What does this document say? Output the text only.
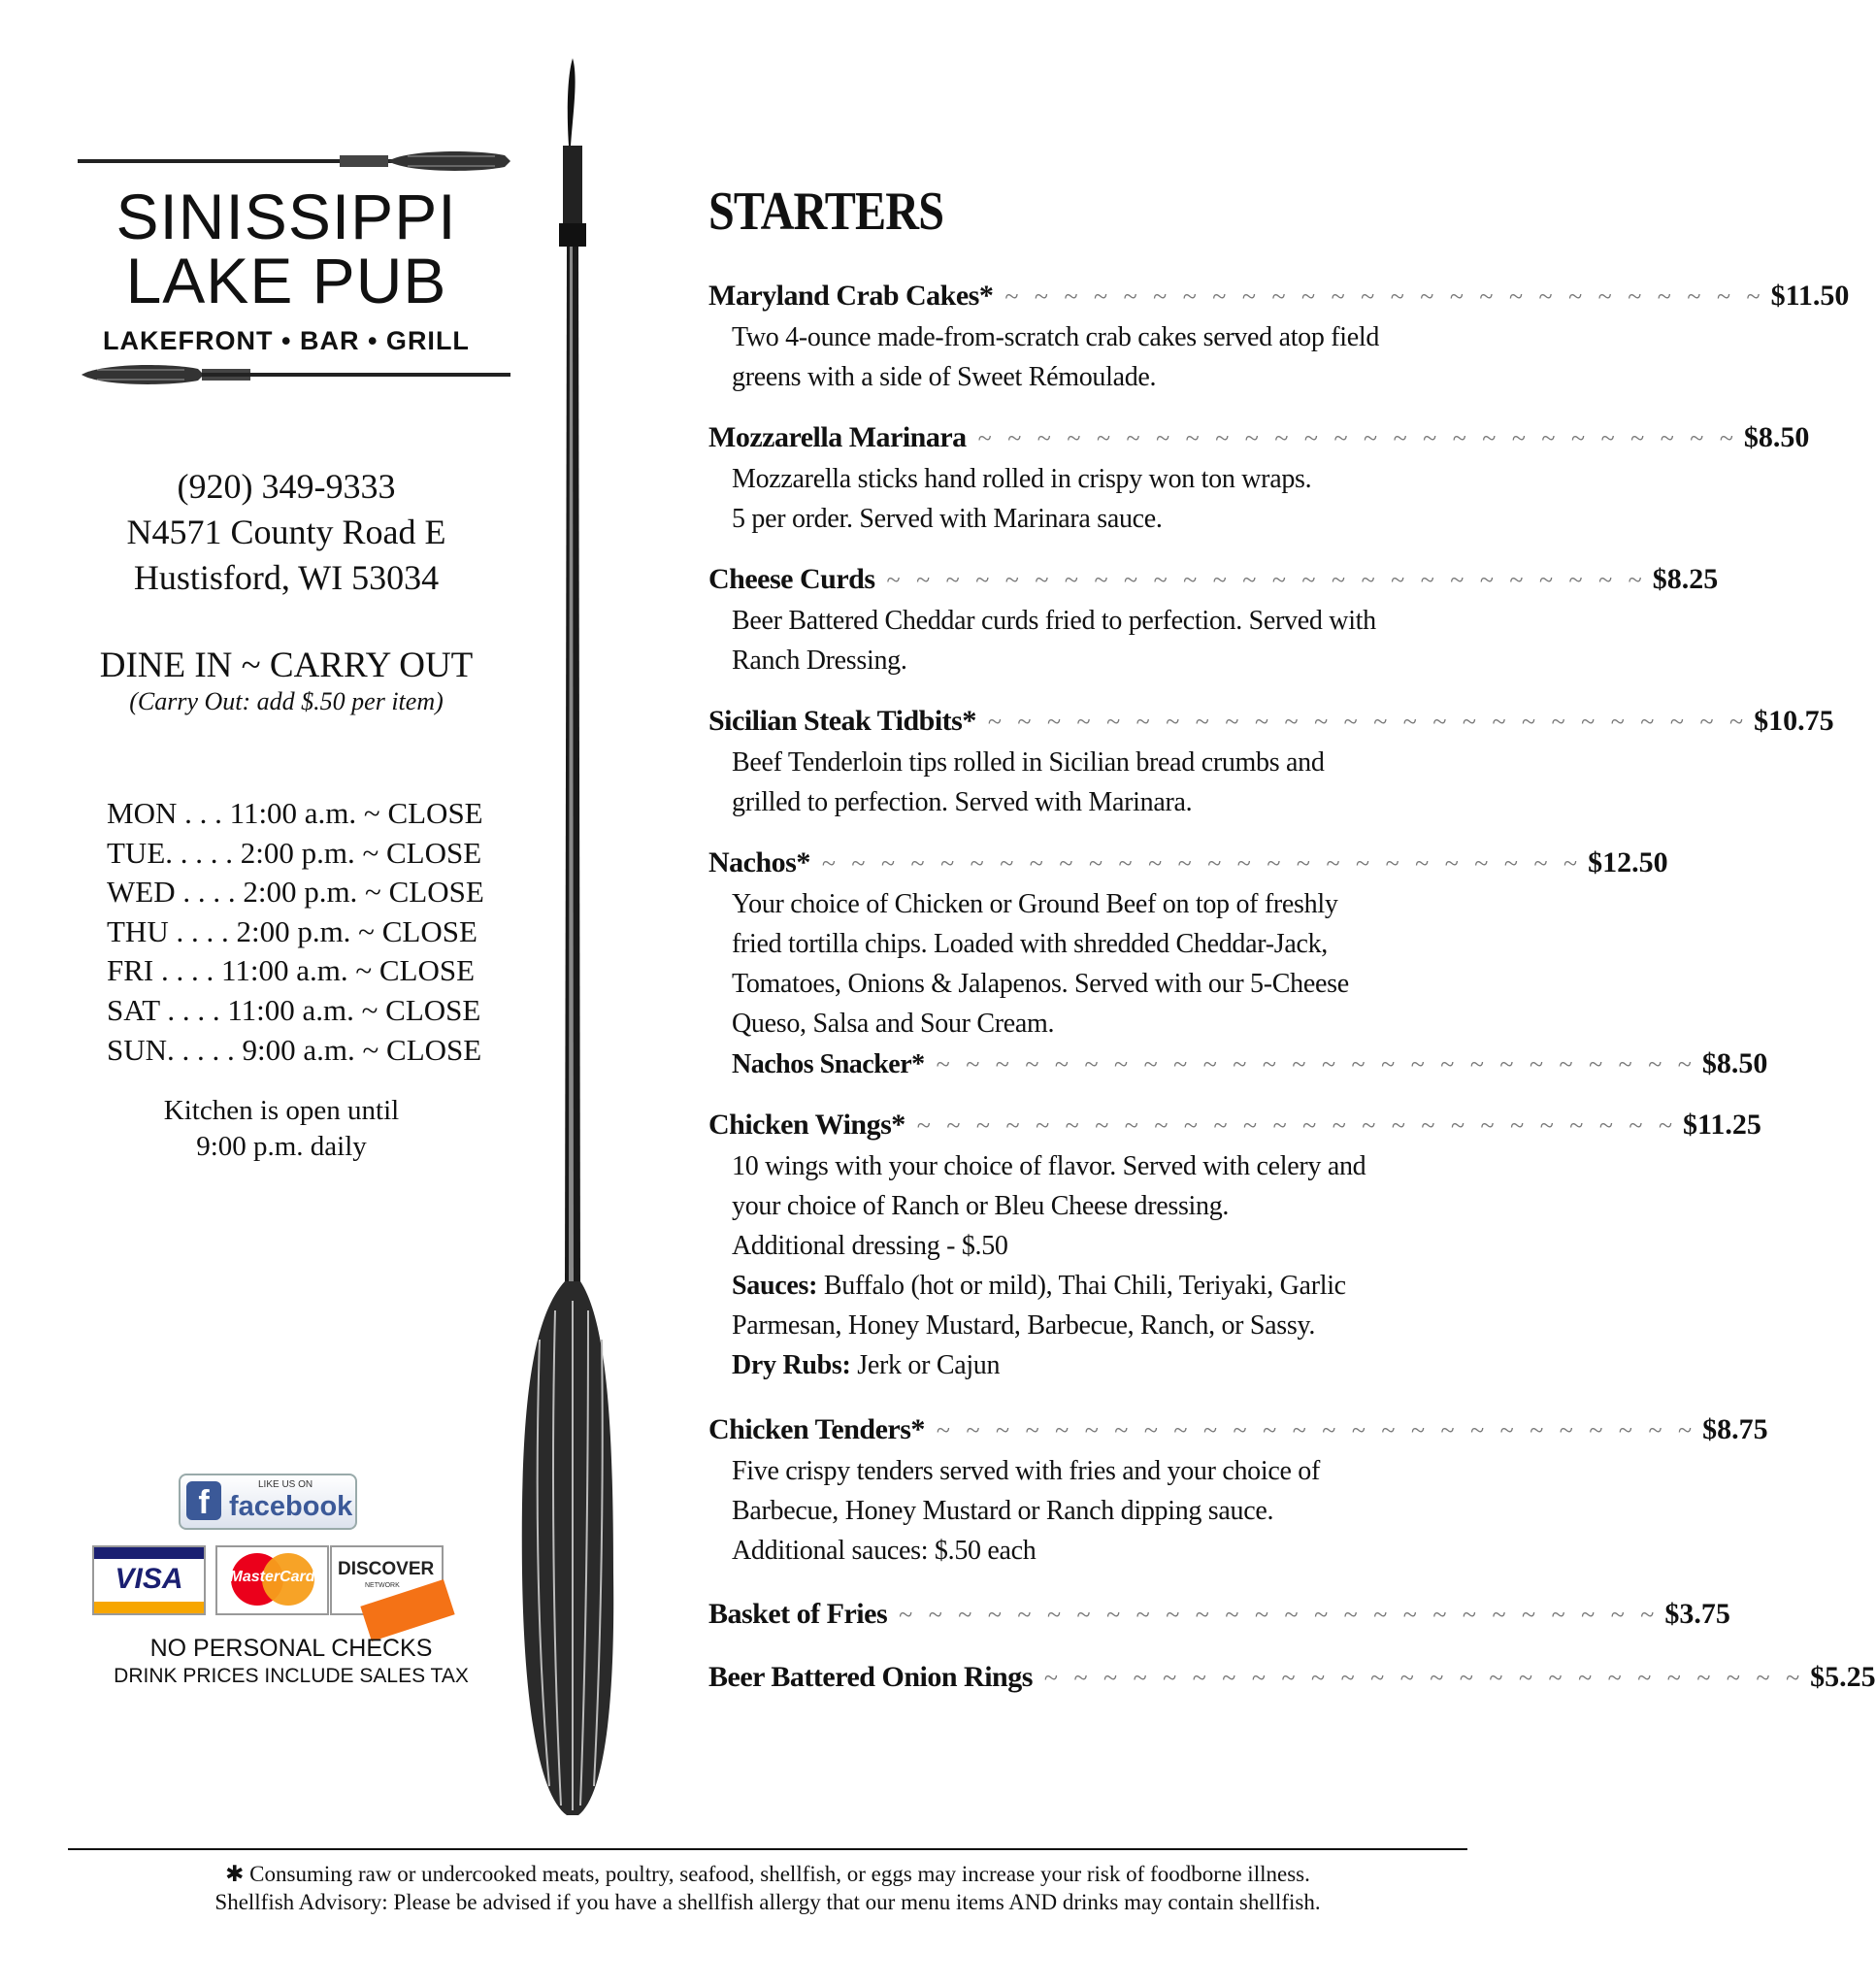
SINISSIPPI
LAKE PUB
LAKEFRONT • BAR • GRILL
(920) 349-9333
N4571 County Road E
Hustisford, WI 53034
DINE IN ~ CARRY OUT
(Carry Out: add $.50 per item)
MON . . . 11:00 a.m. ~ CLOSE
TUE. . . . . 2:00 p.m. ~ CLOSE
WED . . . . 2:00 p.m. ~ CLOSE
THU . . . . 2:00 p.m. ~ CLOSE
FRI . . . . 11:00 a.m. ~ CLOSE
SAT . . . . 11:00 a.m. ~ CLOSE
SUN. . . . . 9:00 a.m. ~ CLOSE
Kitchen is open until
9:00 p.m. daily
f	LIKE US ON
facebook
VISA	MasterCard	DISCOVER
NETWORK
NO PERSONAL CHECKS
DRINK PRICES INCLUDE SALES TAX
STARTERS
Maryland Crab Cakes* ~ ~ ~ ~ ~ ~ ~ ~ ~ ~ ~ ~ ~ ~ ~ ~ ~ ~ ~ ~ ~ ~ ~ ~ ~ ~ $11.50
Two 4-ounce made-from-scratch crab cakes served atop field
greens with a side of Sweet Rémoulade.
Mozzarella Marinara ~ ~ ~ ~ ~ ~ ~ ~ ~ ~ ~ ~ ~ ~ ~ ~ ~ ~ ~ ~ ~ ~ ~ ~ ~ ~ $8.50
Mozzarella sticks hand rolled in crispy won ton wraps.
5 per order. Served with Marinara sauce.
Cheese Curds ~ ~ ~ ~ ~ ~ ~ ~ ~ ~ ~ ~ ~ ~ ~ ~ ~ ~ ~ ~ ~ ~ ~ ~ ~ ~ $8.25
Beer Battered Cheddar curds fried to perfection. Served with
Ranch Dressing.
Sicilian Steak Tidbits* ~ ~ ~ ~ ~ ~ ~ ~ ~ ~ ~ ~ ~ ~ ~ ~ ~ ~ ~ ~ ~ ~ ~ ~ ~ ~ $10.75
Beef Tenderloin tips rolled in Sicilian bread crumbs and
grilled to perfection. Served with Marinara.
Nachos* ~ ~ ~ ~ ~ ~ ~ ~ ~ ~ ~ ~ ~ ~ ~ ~ ~ ~ ~ ~ ~ ~ ~ ~ ~ ~ $12.50
Your choice of Chicken or Ground Beef on top of freshly
fried tortilla chips. Loaded with shredded Cheddar-Jack,
Tomatoes, Onions & Jalapenos. Served with our 5-Cheese
Queso, Salsa and Sour Cream.
Nachos Snacker* ~ ~ ~ ~ ~ ~ ~ ~ ~ ~ ~ ~ ~ ~ ~ ~ ~ ~ ~ ~ ~ ~ ~ ~ ~ ~ $8.50
Chicken Wings* ~ ~ ~ ~ ~ ~ ~ ~ ~ ~ ~ ~ ~ ~ ~ ~ ~ ~ ~ ~ ~ ~ ~ ~ ~ ~ $11.25
10 wings with your choice of flavor. Served with celery and
your choice of Ranch or Bleu Cheese dressing.
Additional dressing - $.50
Sauces: Buffalo (hot or mild), Thai Chili, Teriyaki, Garlic
Parmesan, Honey Mustard, Barbecue, Ranch, or Sassy.
Dry Rubs: Jerk or Cajun
Chicken Tenders* ~ ~ ~ ~ ~ ~ ~ ~ ~ ~ ~ ~ ~ ~ ~ ~ ~ ~ ~ ~ ~ ~ ~ ~ ~ ~ $8.75
Five crispy tenders served with fries and your choice of
Barbecue, Honey Mustard or Ranch dipping sauce.
Additional sauces: $.50 each
Basket of Fries ~ ~ ~ ~ ~ ~ ~ ~ ~ ~ ~ ~ ~ ~ ~ ~ ~ ~ ~ ~ ~ ~ ~ ~ ~ ~ $3.75
Beer Battered Onion Rings ~ ~ ~ ~ ~ ~ ~ ~ ~ ~ ~ ~ ~ ~ ~ ~ ~ ~ ~ ~ ~ ~ ~ ~ ~ ~ $5.25
✱ Consuming raw or undercooked meats, poultry, seafood, shellfish, or eggs may increase your risk of foodborne illness.
Shellfish Advisory: Please be advised if you have a shellfish allergy that our menu items AND drinks may contain shellfish.
